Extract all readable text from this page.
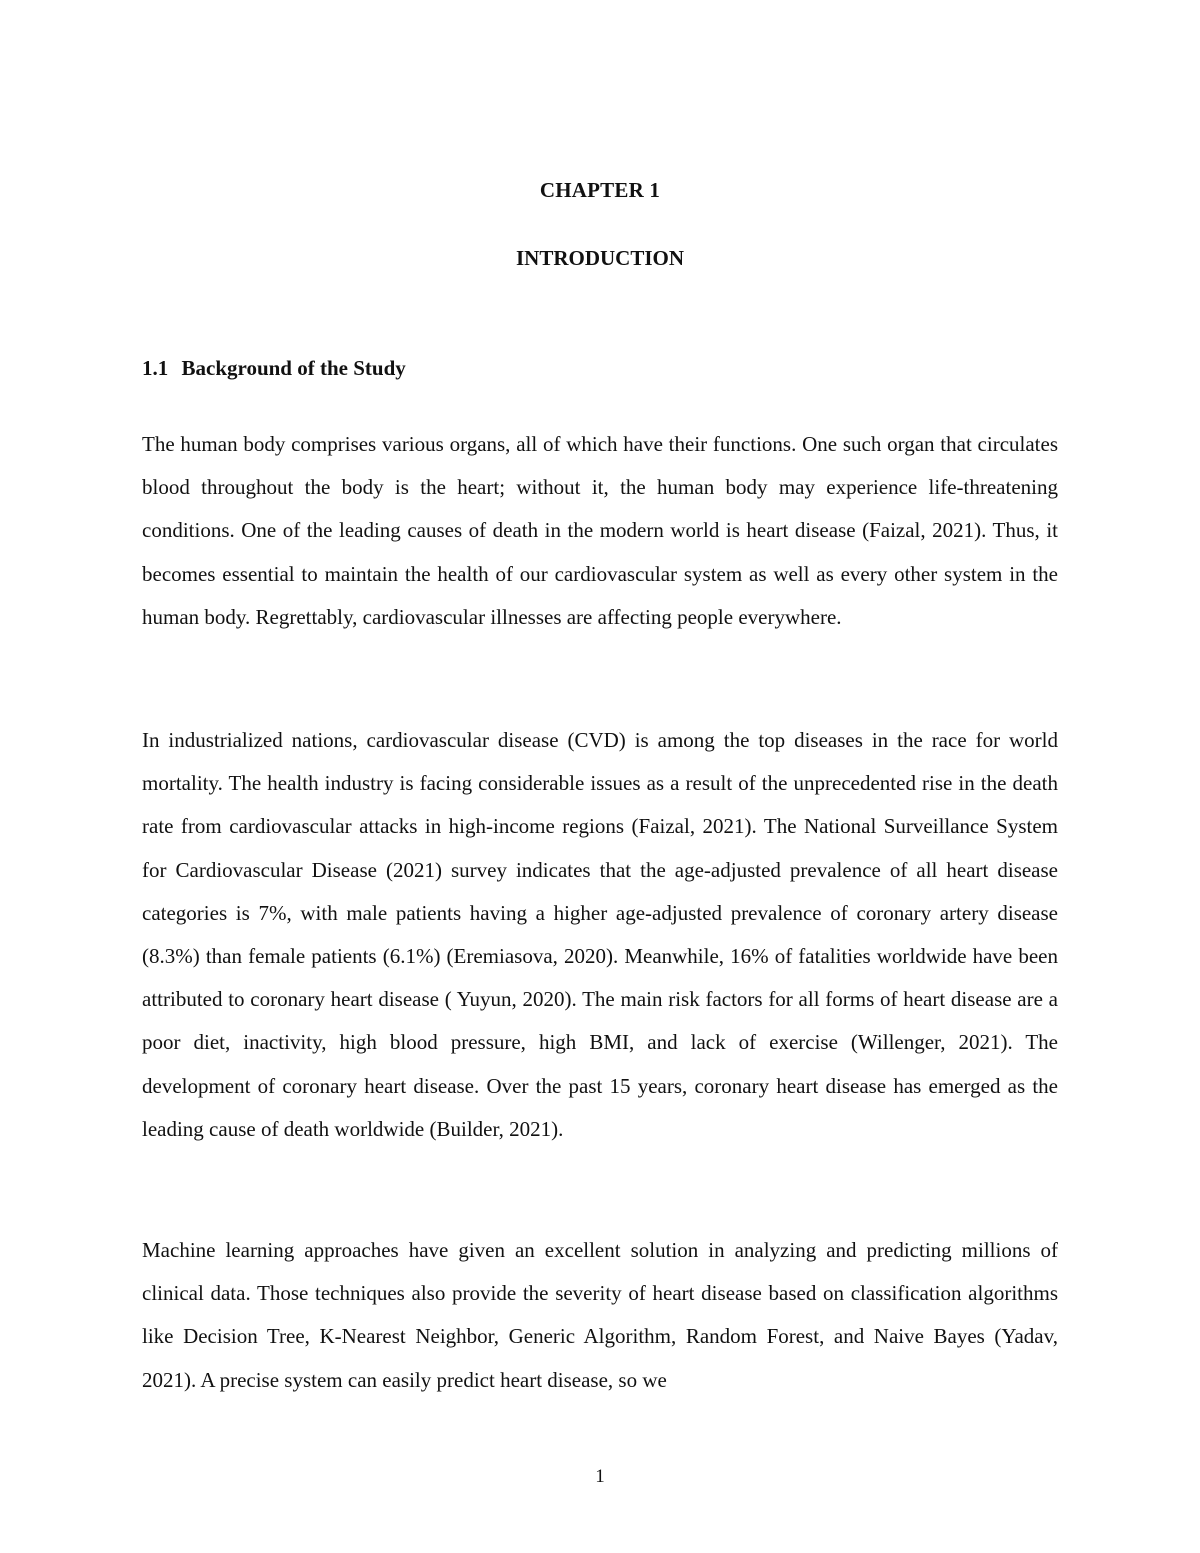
CHAPTER 1
INTRODUCTION
1.1 Background of the Study

The human body comprises various organs, all of which have their functions. One such organ that circulates blood throughout the body is the heart; without it, the human body may experience life-threatening conditions. One of the leading causes of death in the modern world is heart disease (Faizal, 2021). Thus, it becomes essential to maintain the health of our cardiovascular system as well as every other system in the human body. Regrettably, cardiovascular illnesses are affecting people everywhere.

In industrialized nations, cardiovascular disease (CVD) is among the top diseases in the race for world mortality. The health industry is facing considerable issues as a result of the unprecedented rise in the death rate from cardiovascular attacks in high-income regions (Faizal, 2021). The National Surveillance System for Cardiovascular Disease (2021) survey indicates that the age-adjusted prevalence of all heart disease categories is 7%, with male patients having a higher age-adjusted prevalence of coronary artery disease (8.3%) than female patients (6.1%) (Eremiasova, 2020). Meanwhile, 16% of fatalities worldwide have been attributed to coronary heart disease ( Yuyun, 2020). The main risk factors for all forms of heart disease are a poor diet, inactivity, high blood pressure, high BMI, and lack of exercise (Willenger, 2021). The development of coronary heart disease. Over the past 15 years, coronary heart disease has emerged as the leading cause of death worldwide (Builder, 2021).

Machine learning approaches have given an excellent solution in analyzing and predicting millions of clinical data. Those techniques also provide the severity of heart disease based on classification algorithms like Decision Tree, K-Nearest Neighbor, Generic Algorithm, Random Forest, and Naive Bayes (Yadav, 2021). A precise system can easily predict heart disease, so we

1
